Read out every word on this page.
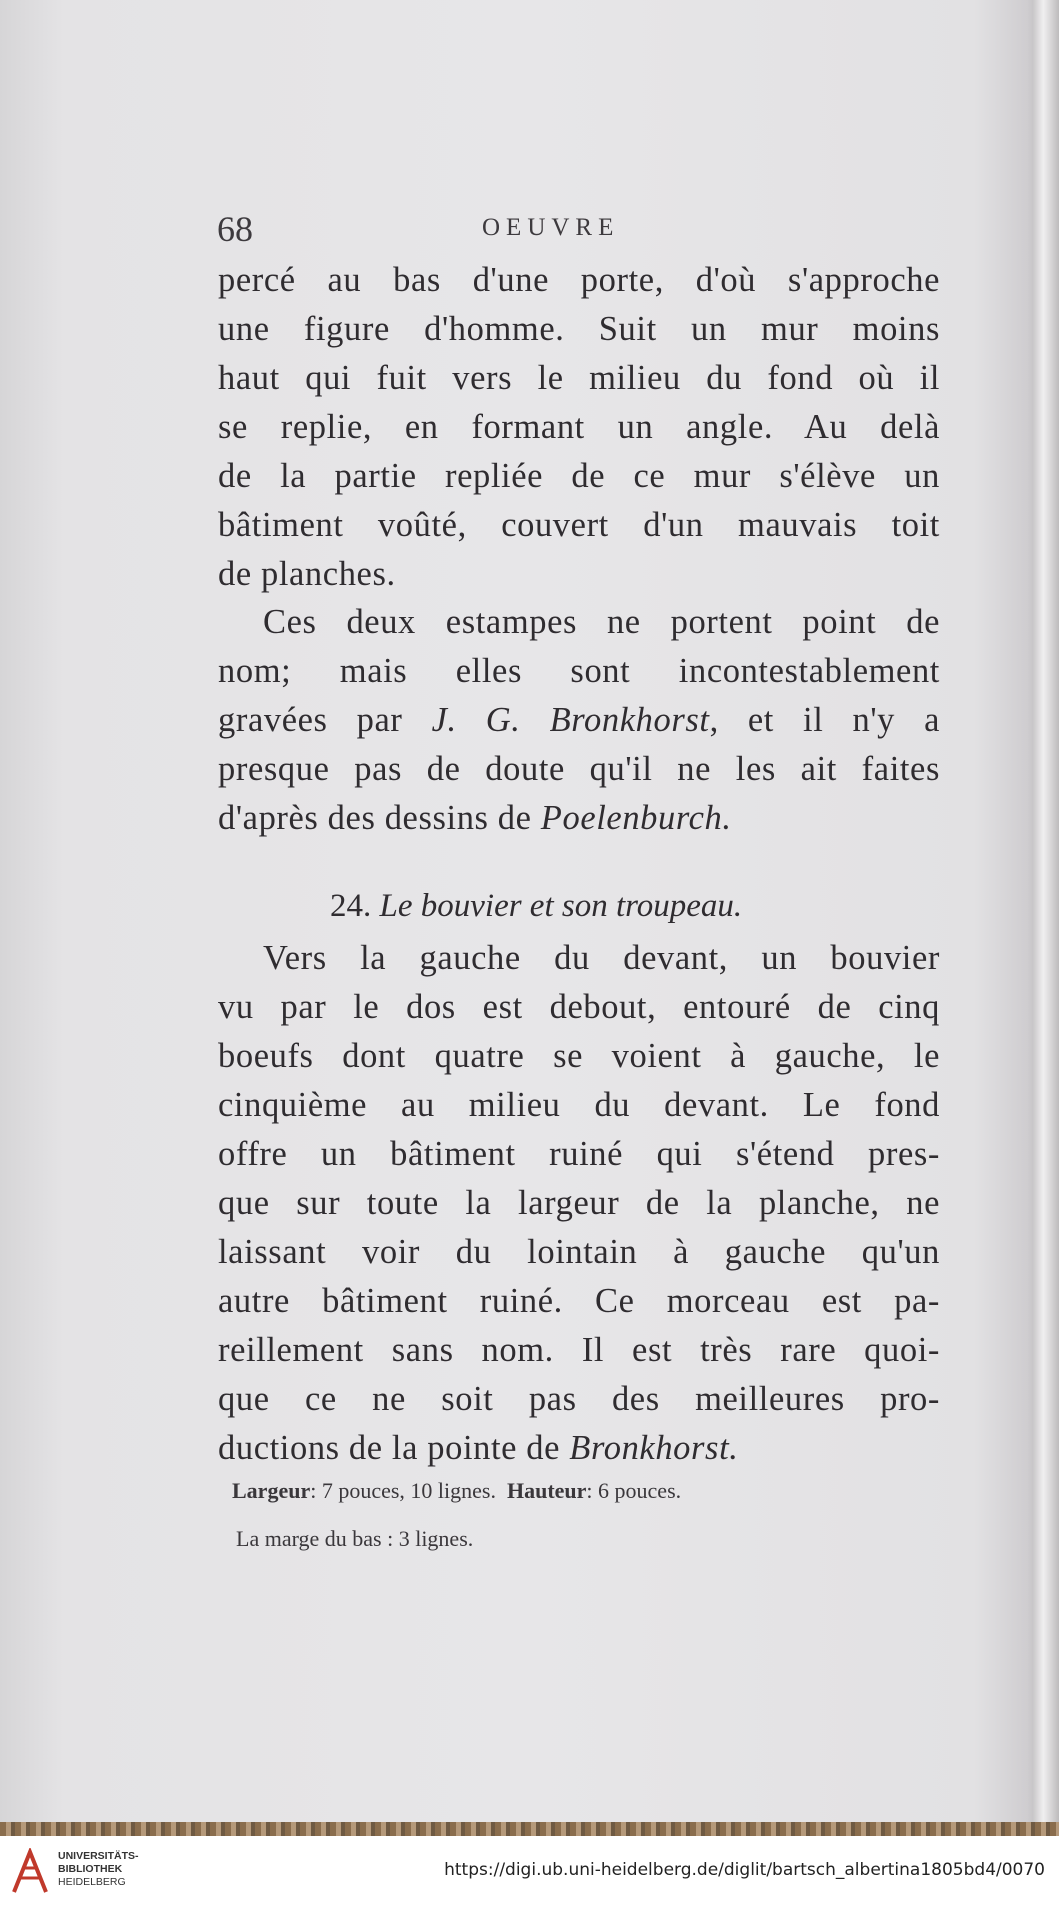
68	OEUVRE
percé au bas d'une porte, d'où s'approche
une figure d'homme. Suit un mur moins
haut qui fuit vers le milieu du fond où il
se replie, en formant un angle. Au delà
de la partie repliée de ce mur s'élève un
bâtiment voûté, couvert d'un mauvais toit
de planches.
Ces deux estampes ne portent point de
nom; mais elles sont incontestablement
gravées par J. G. Bronkhorst, et il n'y a
presque pas de doute qu'il ne les ait faites
d'après des dessins de Poelenburch.
24. Le bouvier et son troupeau.
Vers la gauche du devant, un bouvier
vu par le dos est debout, entouré de cinq
boeufs dont quatre se voient à gauche, le
cinquième au milieu du devant. Le fond
offre un bâtiment ruiné qui s'étend pres-
que sur toute la largeur de la planche, ne
laissant voir du lointain à gauche qu'un
autre bâtiment ruiné. Ce morceau est pa-
reillement sans nom. Il est très rare quoi-
que ce ne soit pas des meilleures pro-
ductions de la pointe de Bronkhorst.
Largeur: 7 pouces, 10 lignes. Hauteur: 6 pouces.
La marge du bas : 3 lignes.
UNIVERSITÄTS-
BIBLIOTHEK
HEIDELBERG
https://digi.ub.uni-heidelberg.de/diglit/bartsch_albertina1805bd4/0070
